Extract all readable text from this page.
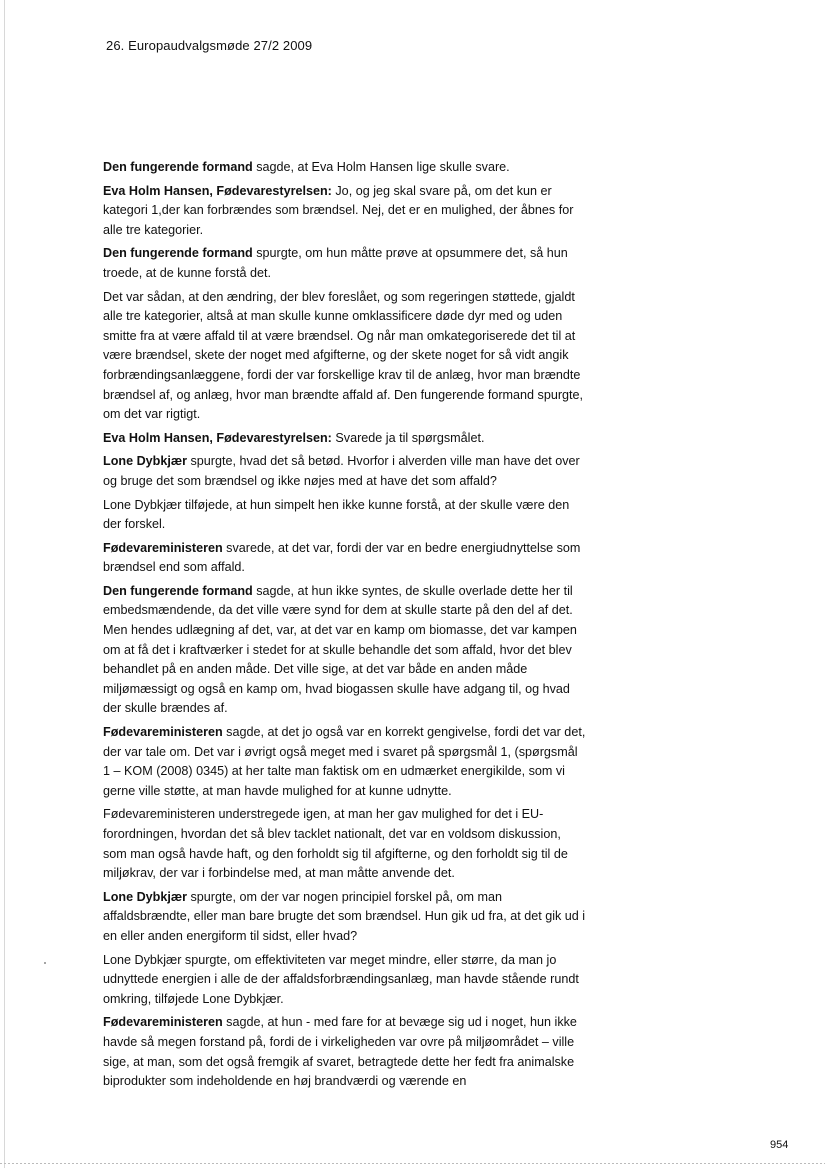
26. Europaudvalgsmøde 27/2 2009

Den fungerende formand sagde, at Eva Holm Hansen lige skulle svare.

Eva Holm Hansen, Fødevarestyrelsen: Jo, og jeg skal svare på, om det kun er kategori 1,der kan forbrændes som brændsel. Nej, det er en mulighed, der åbnes for alle tre kategorier.

Den fungerende formand spurgte, om hun måtte prøve at opsummere det, så hun troede, at de kunne forstå det.

Det var sådan, at den ændring, der blev foreslået, og som regeringen støttede, gjaldt alle tre kategorier, altså at man skulle kunne omklassificere døde dyr med og uden smitte fra at være affald til at være brændsel. Og når man omkategoriserede det til at være brændsel, skete der noget med afgifterne, og der skete noget for så vidt angik forbrændingsanlæggene, fordi der var forskellige krav til de anlæg, hvor man brændte brændsel af, og anlæg, hvor man brændte affald af. Den fungerende formand spurgte, om det var rigtigt.

Eva Holm Hansen, Fødevarestyrelsen: Svarede ja til spørgsmålet.

Lone Dybkjær spurgte, hvad det så betød. Hvorfor i alverden ville man have det over og bruge det som brændsel og ikke nøjes med at have det som affald?

Lone Dybkjær tilføjede, at hun simpelt hen ikke kunne forstå, at der skulle være den der forskel.

Fødevareministeren svarede, at det var, fordi der var en bedre energiudnyttelse som brændsel end som affald.

Den fungerende formand sagde, at hun ikke syntes, de skulle overlade dette her til embedsmændende, da det ville være synd for dem at skulle starte på den del af det. Men hendes udlægning af det, var, at det var en kamp om biomasse, det var kampen om at få det i kraftværker i stedet for at skulle behandle det som affald, hvor det blev behandlet på en anden måde. Det ville sige, at det var både en anden måde miljømæssigt og også en kamp om, hvad biogassen skulle have adgang til, og hvad der skulle brændes af.

Fødevareministeren sagde, at det jo også var en korrekt gengivelse, fordi det var det, der var tale om. Det var i øvrigt også meget med i svaret på spørgsmål 1, (spørgsmål 1 – KOM (2008) 0345) at her talte man faktisk om en udmærket energikilde, som vi gerne ville støtte, at man havde mulighed for at kunne udnytte.

Fødevareministeren understregede igen, at man her gav mulighed for det i EU-forordningen, hvordan det så blev tacklet nationalt, det var en voldsom diskussion, som man også havde haft, og den forholdt sig til afgifterne, og den forholdt sig til de miljøkrav, der var i forbindelse med, at man måtte anvende det.

Lone Dybkjær spurgte, om der var nogen principiel forskel på, om man affaldsbrændte, eller man bare brugte det som brændsel. Hun gik ud fra, at det gik ud i en eller anden energiform til sidst, eller hvad?

Lone Dybkjær spurgte, om effektiviteten var meget mindre, eller større, da man jo udnyttede energien i alle de der affaldsforbrændingsanlæg, man havde stående rundt omkring, tilføjede Lone Dybkjær.

Fødevareministeren sagde, at hun - med fare for at bevæge sig ud i noget, hun ikke havde så megen forstand på, fordi de i virkeligheden var ovre på miljøområdet – ville sige, at man, som det også fremgik af svaret, betragtede dette her fedt fra animalske biprodukter som indeholdende en høj brandværdi og værende en

954
